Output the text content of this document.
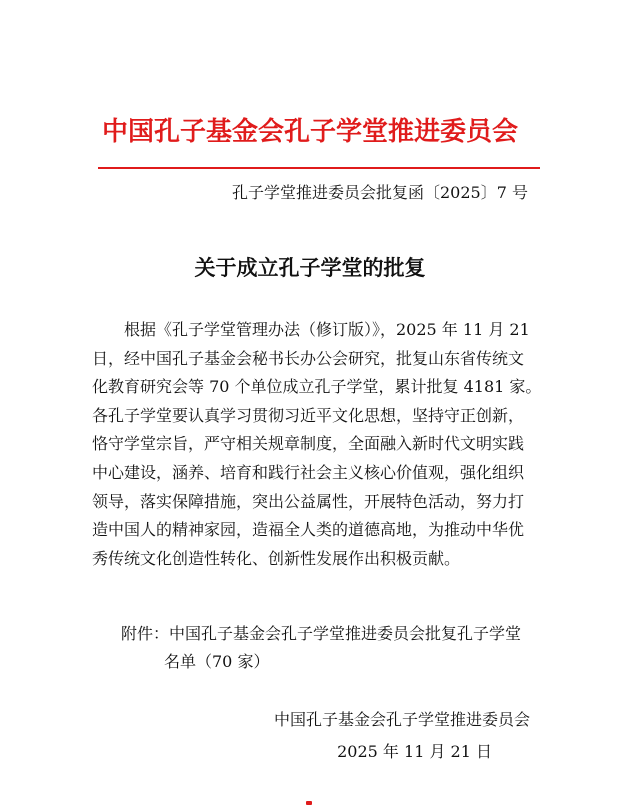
中国孔子基金会孔子学堂推进委员会
孔子学堂推进委员会批复函〔2025〕7 号
关于成立孔子学堂的批复
根据《孔子学堂管理办法（修订版）》，2025 年 11 月 21
日，经中国孔子基金会秘书长办公会研究，批复山东省传统文
化教育研究会等 70 个单位成立孔子学堂，累计批复 4181 家。
各孔子学堂要认真学习贯彻习近平文化思想，坚持守正创新，
恪守学堂宗旨，严守相关规章制度，全面融入新时代文明实践
中心建设，涵养、培育和践行社会主义核心价值观，强化组织
领导，落实保障措施，突出公益属性，开展特色活动，努力打
造中国人的精神家园，造福全人类的道德高地，为推动中华优
秀传统文化创造性转化、创新性发展作出积极贡献。
附件：中国孔子基金会孔子学堂推进委员会批复孔子学堂
名单（70 家）
中国孔子基金会孔子学堂推进委员会
2025 年 11 月 21 日
